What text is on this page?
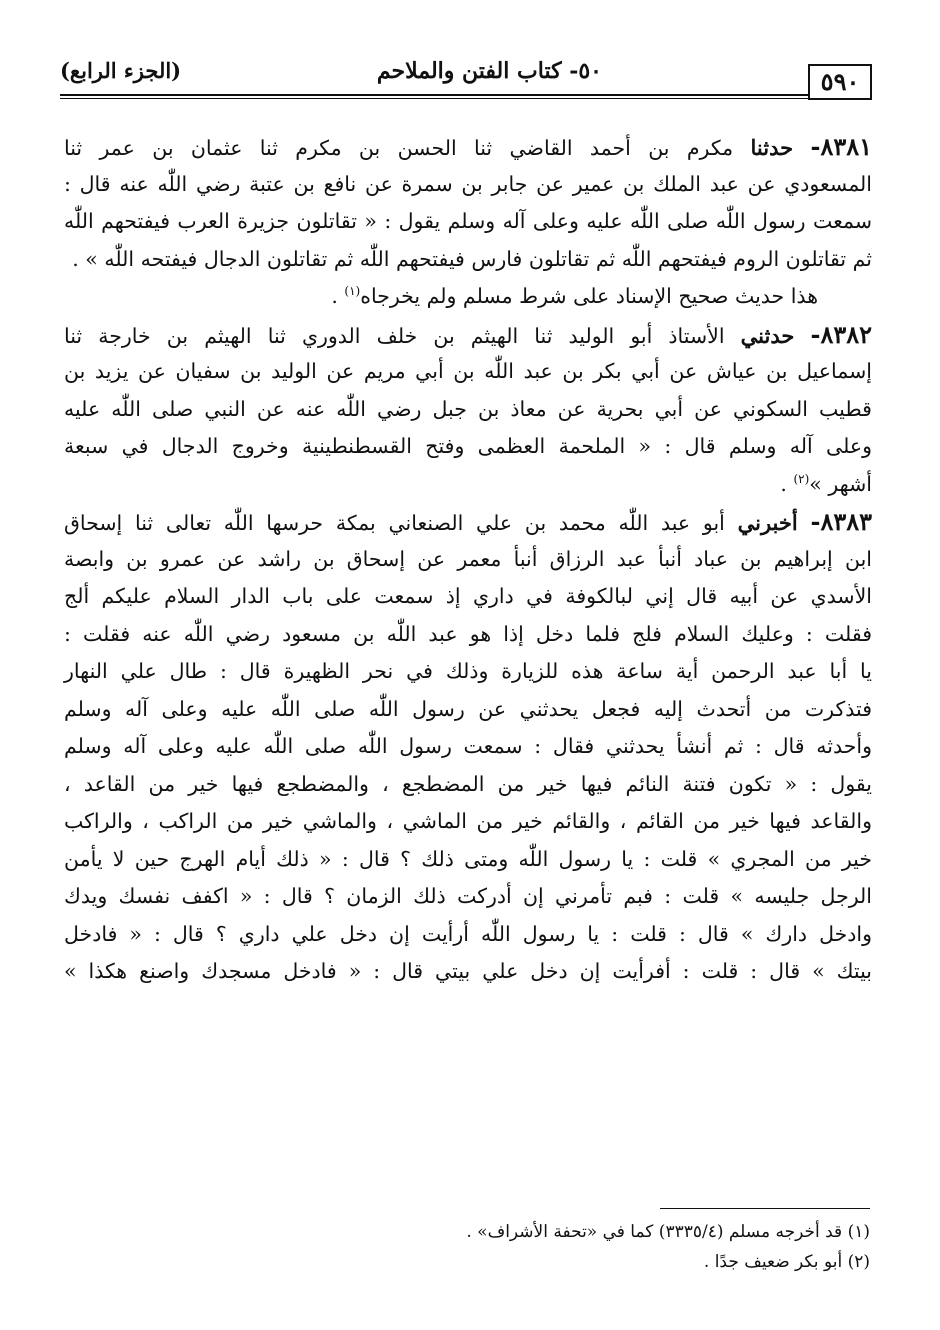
٥٩٠
٥٠- كتاب الفتن والملاحم
(الجزء الرابع)
٨٣٨١- حدثنا مكرم بن أحمد القاضي ثنا الحسن بن مكرم ثنا عثمان بن عمر ثنا
المسعودي عن عبد الملك بن عمير عن جابر بن سمرة عن نافع بن عتبة رضي اللّٰه عنه قال :
سمعت رسول اللّٰه صلى اللّٰه عليه وعلى آله وسلم يقول : « تقاتلون جزيرة العرب فيفتحهم اللّٰه
ثم تقاتلون الروم فيفتحهم اللّٰه ثم تقاتلون فارس فيفتحهم اللّٰه ثم تقاتلون الدجال فيفتحه اللّٰه » .
هذا حديث صحيح الإسناد على شرط مسلم ولم يخرجاه$^{(١)}$ .
٨٣٨٢- حدثني الأستاذ أبو الوليد ثنا الهيثم بن خلف الدوري ثنا الهيثم بن خارجة ثنا
إسماعيل بن عياش عن أبي بكر بن عبد اللّٰه بن أبي مريم عن الوليد بن سفيان عن يزيد بن
قطيب السكوني عن أبي بحرية عن معاذ بن جبل رضي اللّٰه عنه عن النبي صلى اللّٰه عليه
وعلى آله وسلم قال : « الملحمة العظمى وفتح القسطنطينية وخروج الدجال في سبعة
أشهر »$^{(٢)}$ .
٨٣٨٣- أخبرني أبو عبد اللّٰه محمد بن علي الصنعاني بمكة حرسها اللّٰه تعالى ثنا إسحاق
ابن إبراهيم بن عباد أنبأ عبد الرزاق أنبأ معمر عن إسحاق بن راشد عن عمرو بن وابصة
الأسدي عن أبيه قال إني لبالكوفة في داري إذ سمعت على باب الدار السلام عليكم ألج
فقلت : وعليك السلام فلج فلما دخل إذا هو عبد اللّٰه بن مسعود رضي اللّٰه عنه فقلت :
يا أبا عبد الرحمن أية ساعة هذه للزيارة وذلك في نحر الظهيرة قال : طال علي النهار
فتذكرت من أتحدث إليه فجعل يحدثني عن رسول اللّٰه صلى اللّٰه عليه وعلى آله وسلم
وأحدثه قال : ثم أنشأ يحدثني فقال : سمعت رسول اللّٰه صلى اللّٰه عليه وعلى آله وسلم
يقول : « تكون فتنة النائم فيها خير من المضطجع ، والمضطجع فيها خير من القاعد ،
والقاعد فيها خير من القائم ، والقائم خير من الماشي ، والماشي خير من الراكب ، والراكب
خير من المجري » قلت : يا رسول اللّٰه ومتى ذلك ؟ قال : « ذلك أيام الهرج حين لا يأمن
الرجل جليسه » قلت : فبم تأمرني إن أدركت ذلك الزمان ؟ قال : « اكفف نفسك ويدك
وادخل دارك » قال : قلت : يا رسول اللّٰه أرأيت إن دخل علي داري ؟ قال : « فادخل
بيتك » قال : قلت : أفرأيت إن دخل علي بيتي قال : « فادخل مسجدك واصنع هكذا »
(١) قد أخرجه مسلم (٣٣٣٥/٤) كما في «تحفة الأشراف» .
(٢) أبو بكر ضعيف جدًا .
